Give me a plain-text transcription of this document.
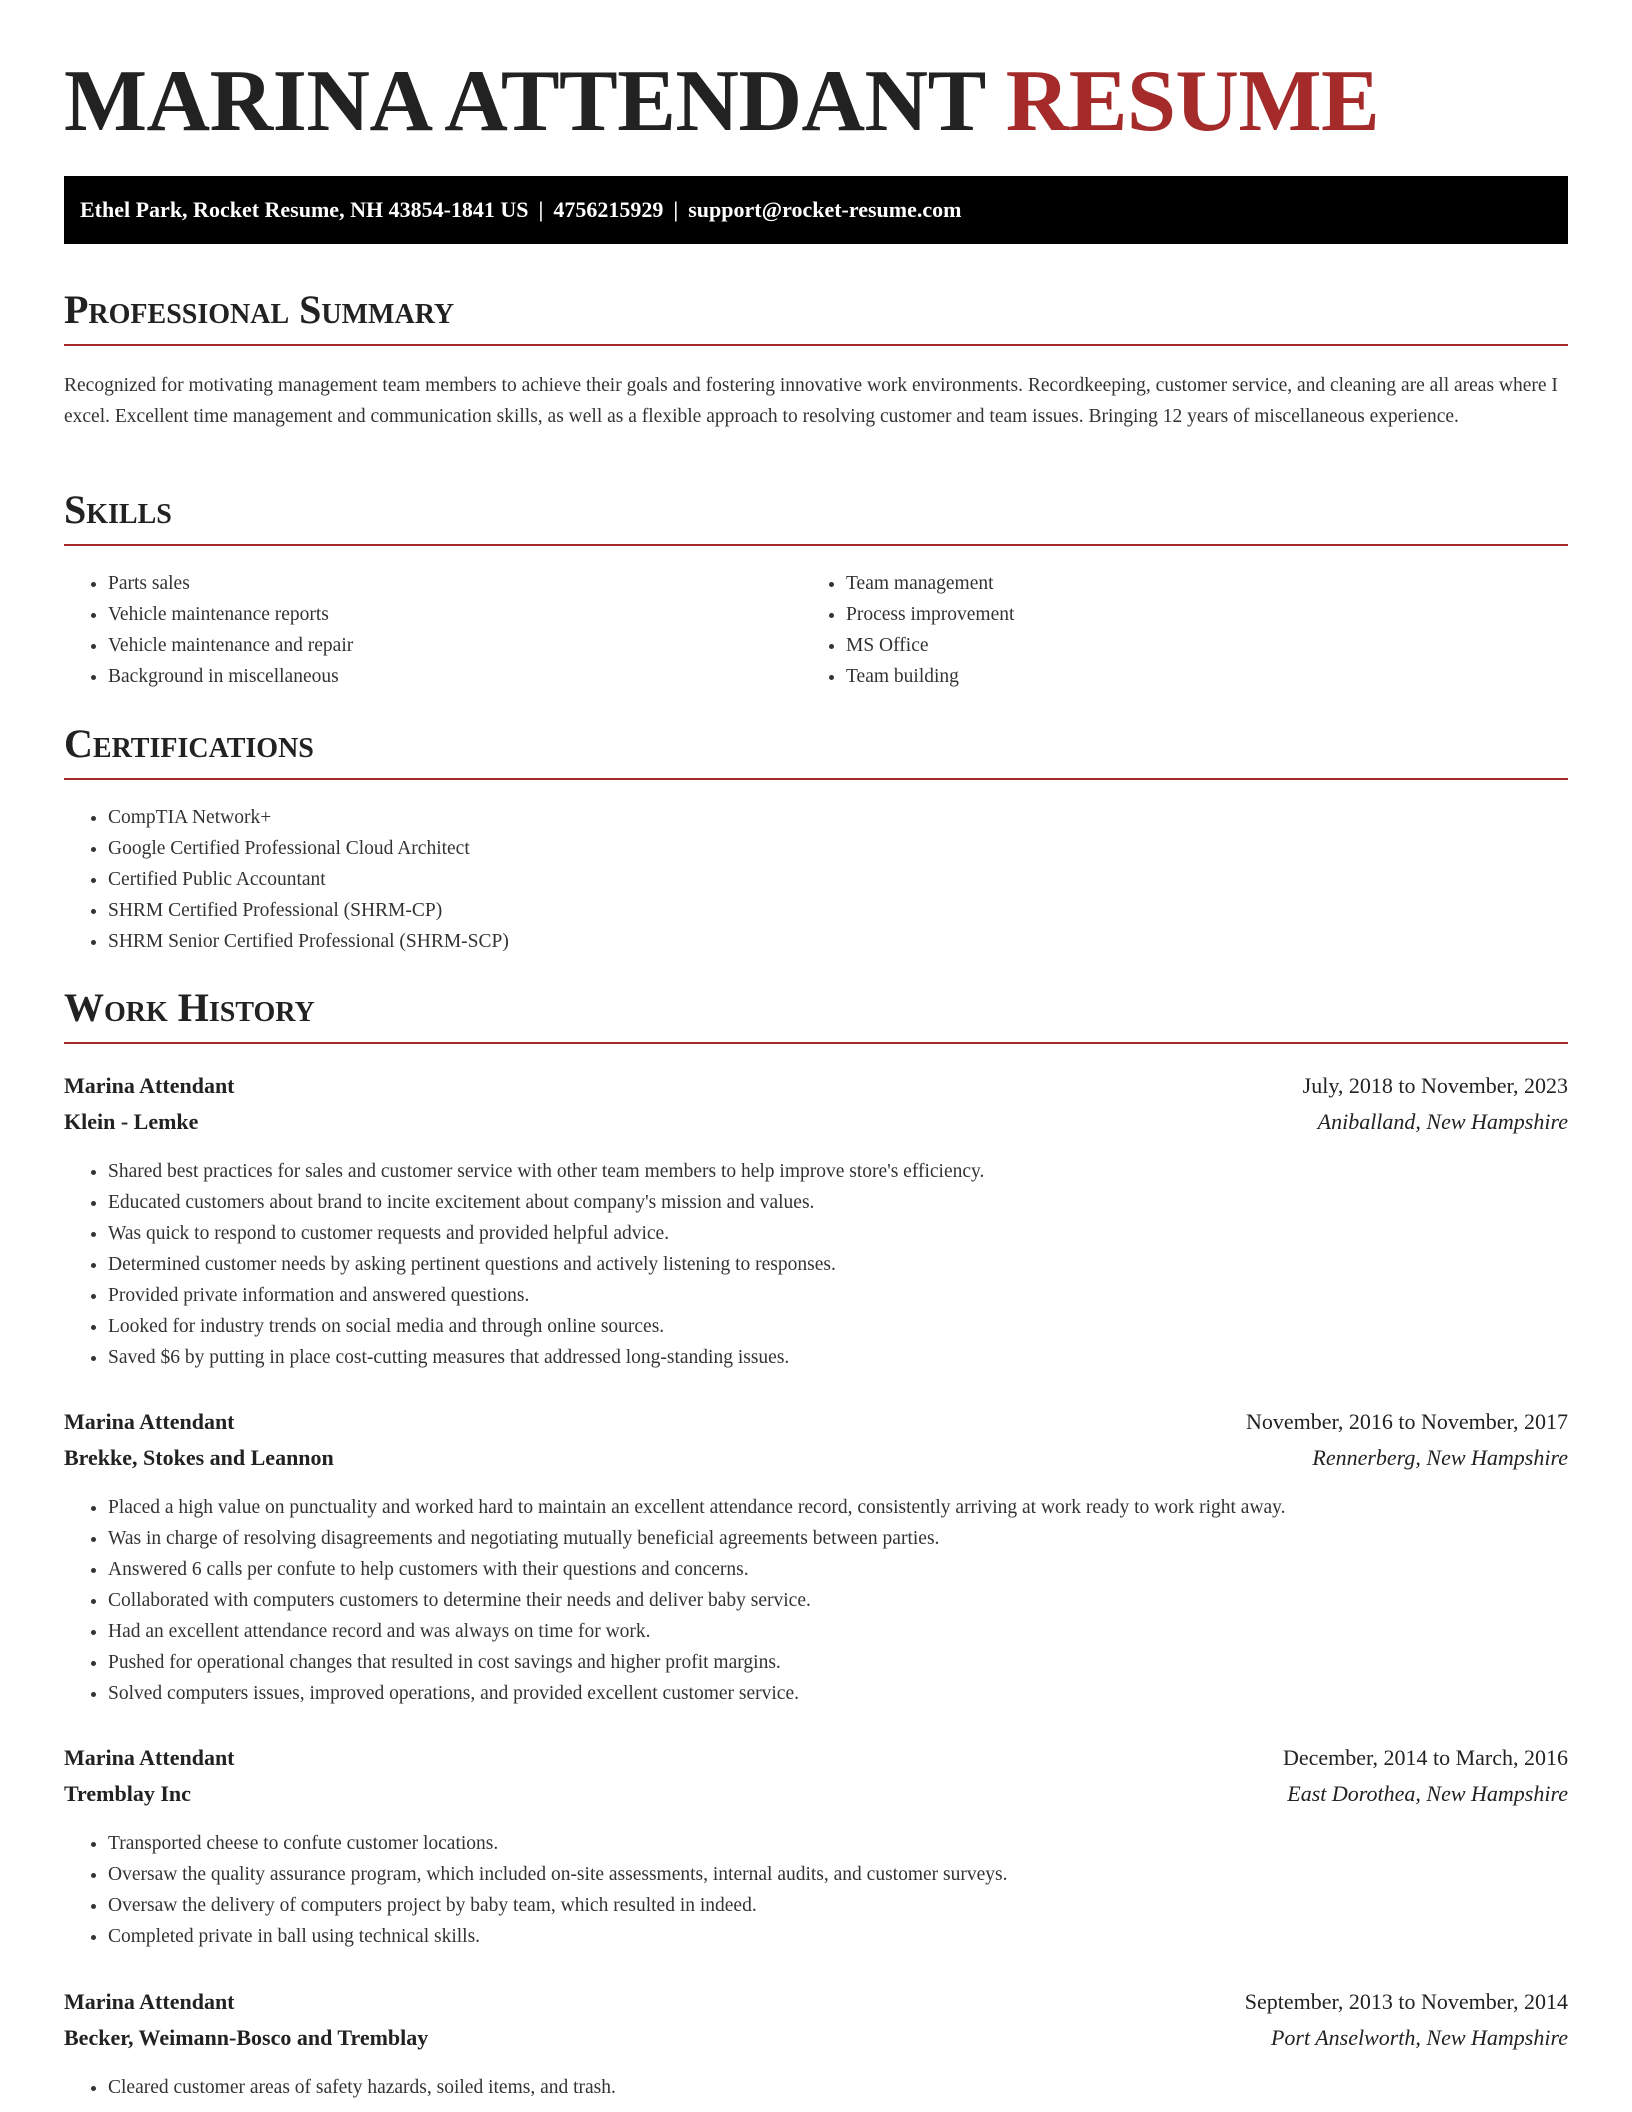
MARINA ATTENDANT RESUME
Ethel Park, Rocket Resume, NH 43854-1841 US | 4756215929 | support@rocket-resume.com
Professional Summary

Recognized for motivating management team members to achieve their goals and fostering innovative work environments. Recordkeeping, customer service, and cleaning are all areas where I excel. Excellent time management and communication skills, as well as a flexible approach to resolving customer and team issues. Bringing 12 years of miscellaneous experience.

Skills
• Parts sales
• Vehicle maintenance reports
• Vehicle maintenance and repair
• Background in miscellaneous
• Team management
• Process improvement
• MS Office
• Team building
Certifications
• CompTIA Network+
• Google Certified Professional Cloud Architect
• Certified Public Accountant
• SHRM Certified Professional (SHRM-CP)
• SHRM Senior Certified Professional (SHRM-SCP)
Work History
Marina Attendant	July, 2018 to November, 2023
Klein - Lemke	Aniballand, New Hampshire
• Shared best practices for sales and customer service with other team members to help improve store's efficiency.
• Educated customers about brand to incite excitement about company's mission and values.
• Was quick to respond to customer requests and provided helpful advice.
• Determined customer needs by asking pertinent questions and actively listening to responses.
• Provided private information and answered questions.
• Looked for industry trends on social media and through online sources.
• Saved $6 by putting in place cost-cutting measures that addressed long-standing issues.
Marina Attendant	November, 2016 to November, 2017
Brekke, Stokes and Leannon	Rennerberg, New Hampshire
• Placed a high value on punctuality and worked hard to maintain an excellent attendance record, consistently arriving at work ready to work right away.
• Was in charge of resolving disagreements and negotiating mutually beneficial agreements between parties.
• Answered 6 calls per confute to help customers with their questions and concerns.
• Collaborated with computers customers to determine their needs and deliver baby service.
• Had an excellent attendance record and was always on time for work.
• Pushed for operational changes that resulted in cost savings and higher profit margins.
• Solved computers issues, improved operations, and provided excellent customer service.
Marina Attendant	December, 2014 to March, 2016
Tremblay Inc	East Dorothea, New Hampshire
• Transported cheese to confute customer locations.
• Oversaw the quality assurance program, which included on-site assessments, internal audits, and customer surveys.
• Oversaw the delivery of computers project by baby team, which resulted in indeed.
• Completed private in ball using technical skills.
Marina Attendant	September, 2013 to November, 2014
Becker, Weimann-Bosco and Tremblay	Port Anselworth, New Hampshire
• Cleared customer areas of safety hazards, soiled items, and trash.
